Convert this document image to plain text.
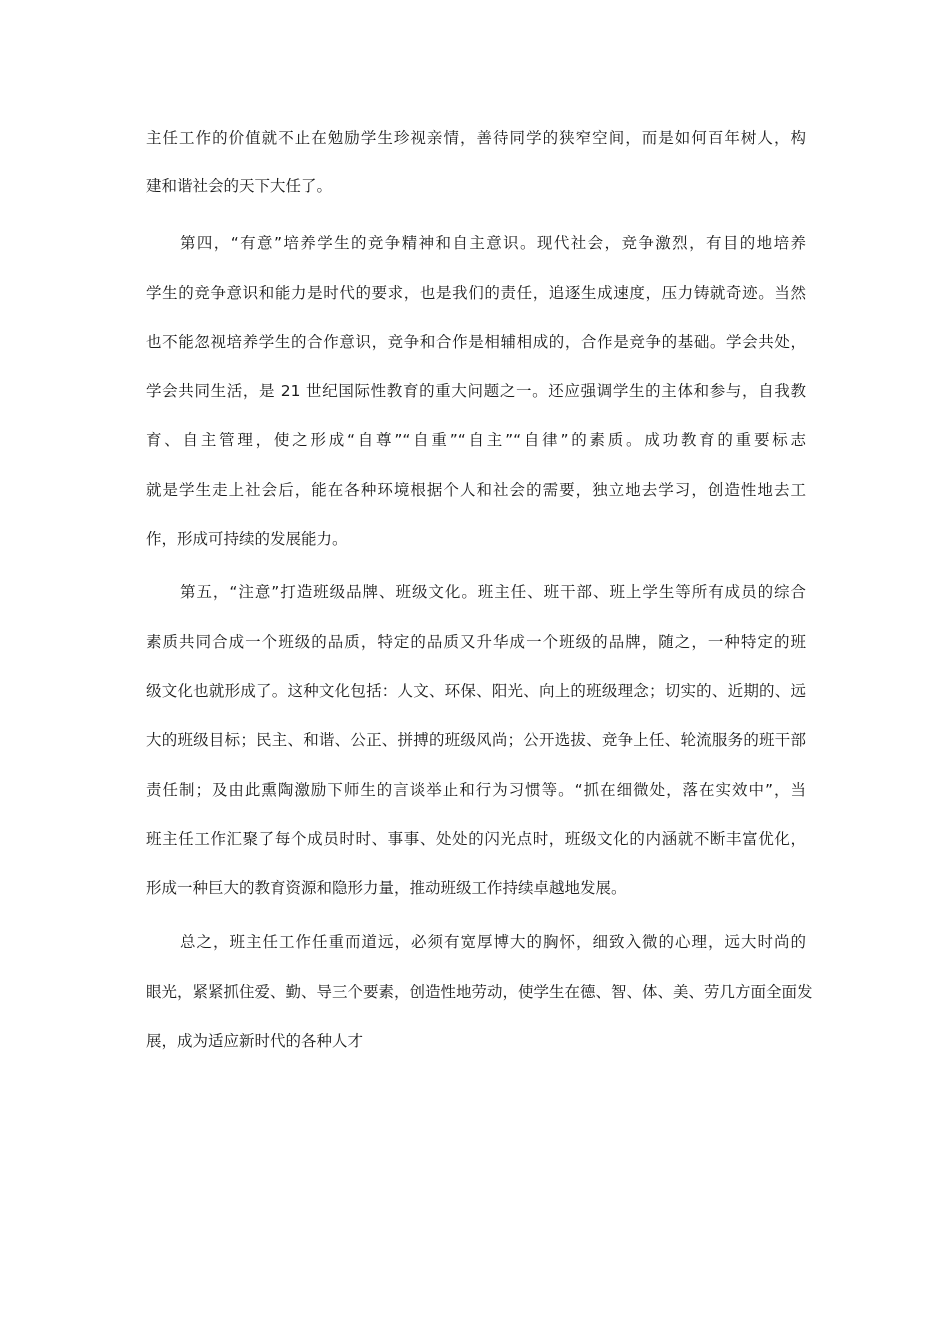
主任工作的价值就不止在勉励学生珍视亲情，善待同学的狭窄空间，而是如何百年树人，构
建和谐社会的天下大任了。
第四，“有意”培养学生的竞争精神和自主意识。现代社会，竞争激烈，有目的地培养
学生的竞争意识和能力是时代的要求，也是我们的责任，追逐生成速度，压力铸就奇迹。当然
也不能忽视培养学生的合作意识，竞争和合作是相辅相成的，合作是竞争的基础。学会共处，
学会共同生活，是 21 世纪国际性教育的重大问题之一。还应强调学生的主体和参与，自我教
育、自主管理，使之形成“自尊”“自重”“自主”“自律”的素质。成功教育的重要标志
就是学生走上社会后，能在各种环境根据个人和社会的需要，独立地去学习，创造性地去工
作，形成可持续的发展能力。
第五，“注意”打造班级品牌、班级文化。班主任、班干部、班上学生等所有成员的综合
素质共同合成一个班级的品质，特定的品质又升华成一个班级的品牌，随之，一种特定的班
级文化也就形成了。这种文化包括：人文、环保、阳光、向上的班级理念；切实的、近期的、远
大的班级目标；民主、和谐、公正、拼搏的班级风尚；公开选拔、竞争上任、轮流服务的班干部
责任制；及由此熏陶激励下师生的言谈举止和行为习惯等。“抓在细微处，落在实效中”，当
班主任工作汇聚了每个成员时时、事事、处处的闪光点时，班级文化的内涵就不断丰富优化，
形成一种巨大的教育资源和隐形力量，推动班级工作持续卓越地发展。
总之，班主任工作任重而道远，必须有宽厚博大的胸怀，细致入微的心理，远大时尚的
眼光，紧紧抓住爱、勤、导三个要素，创造性地劳动，使学生在德、智、体、美、劳几方面全面发
展，成为适应新时代的各种人才
